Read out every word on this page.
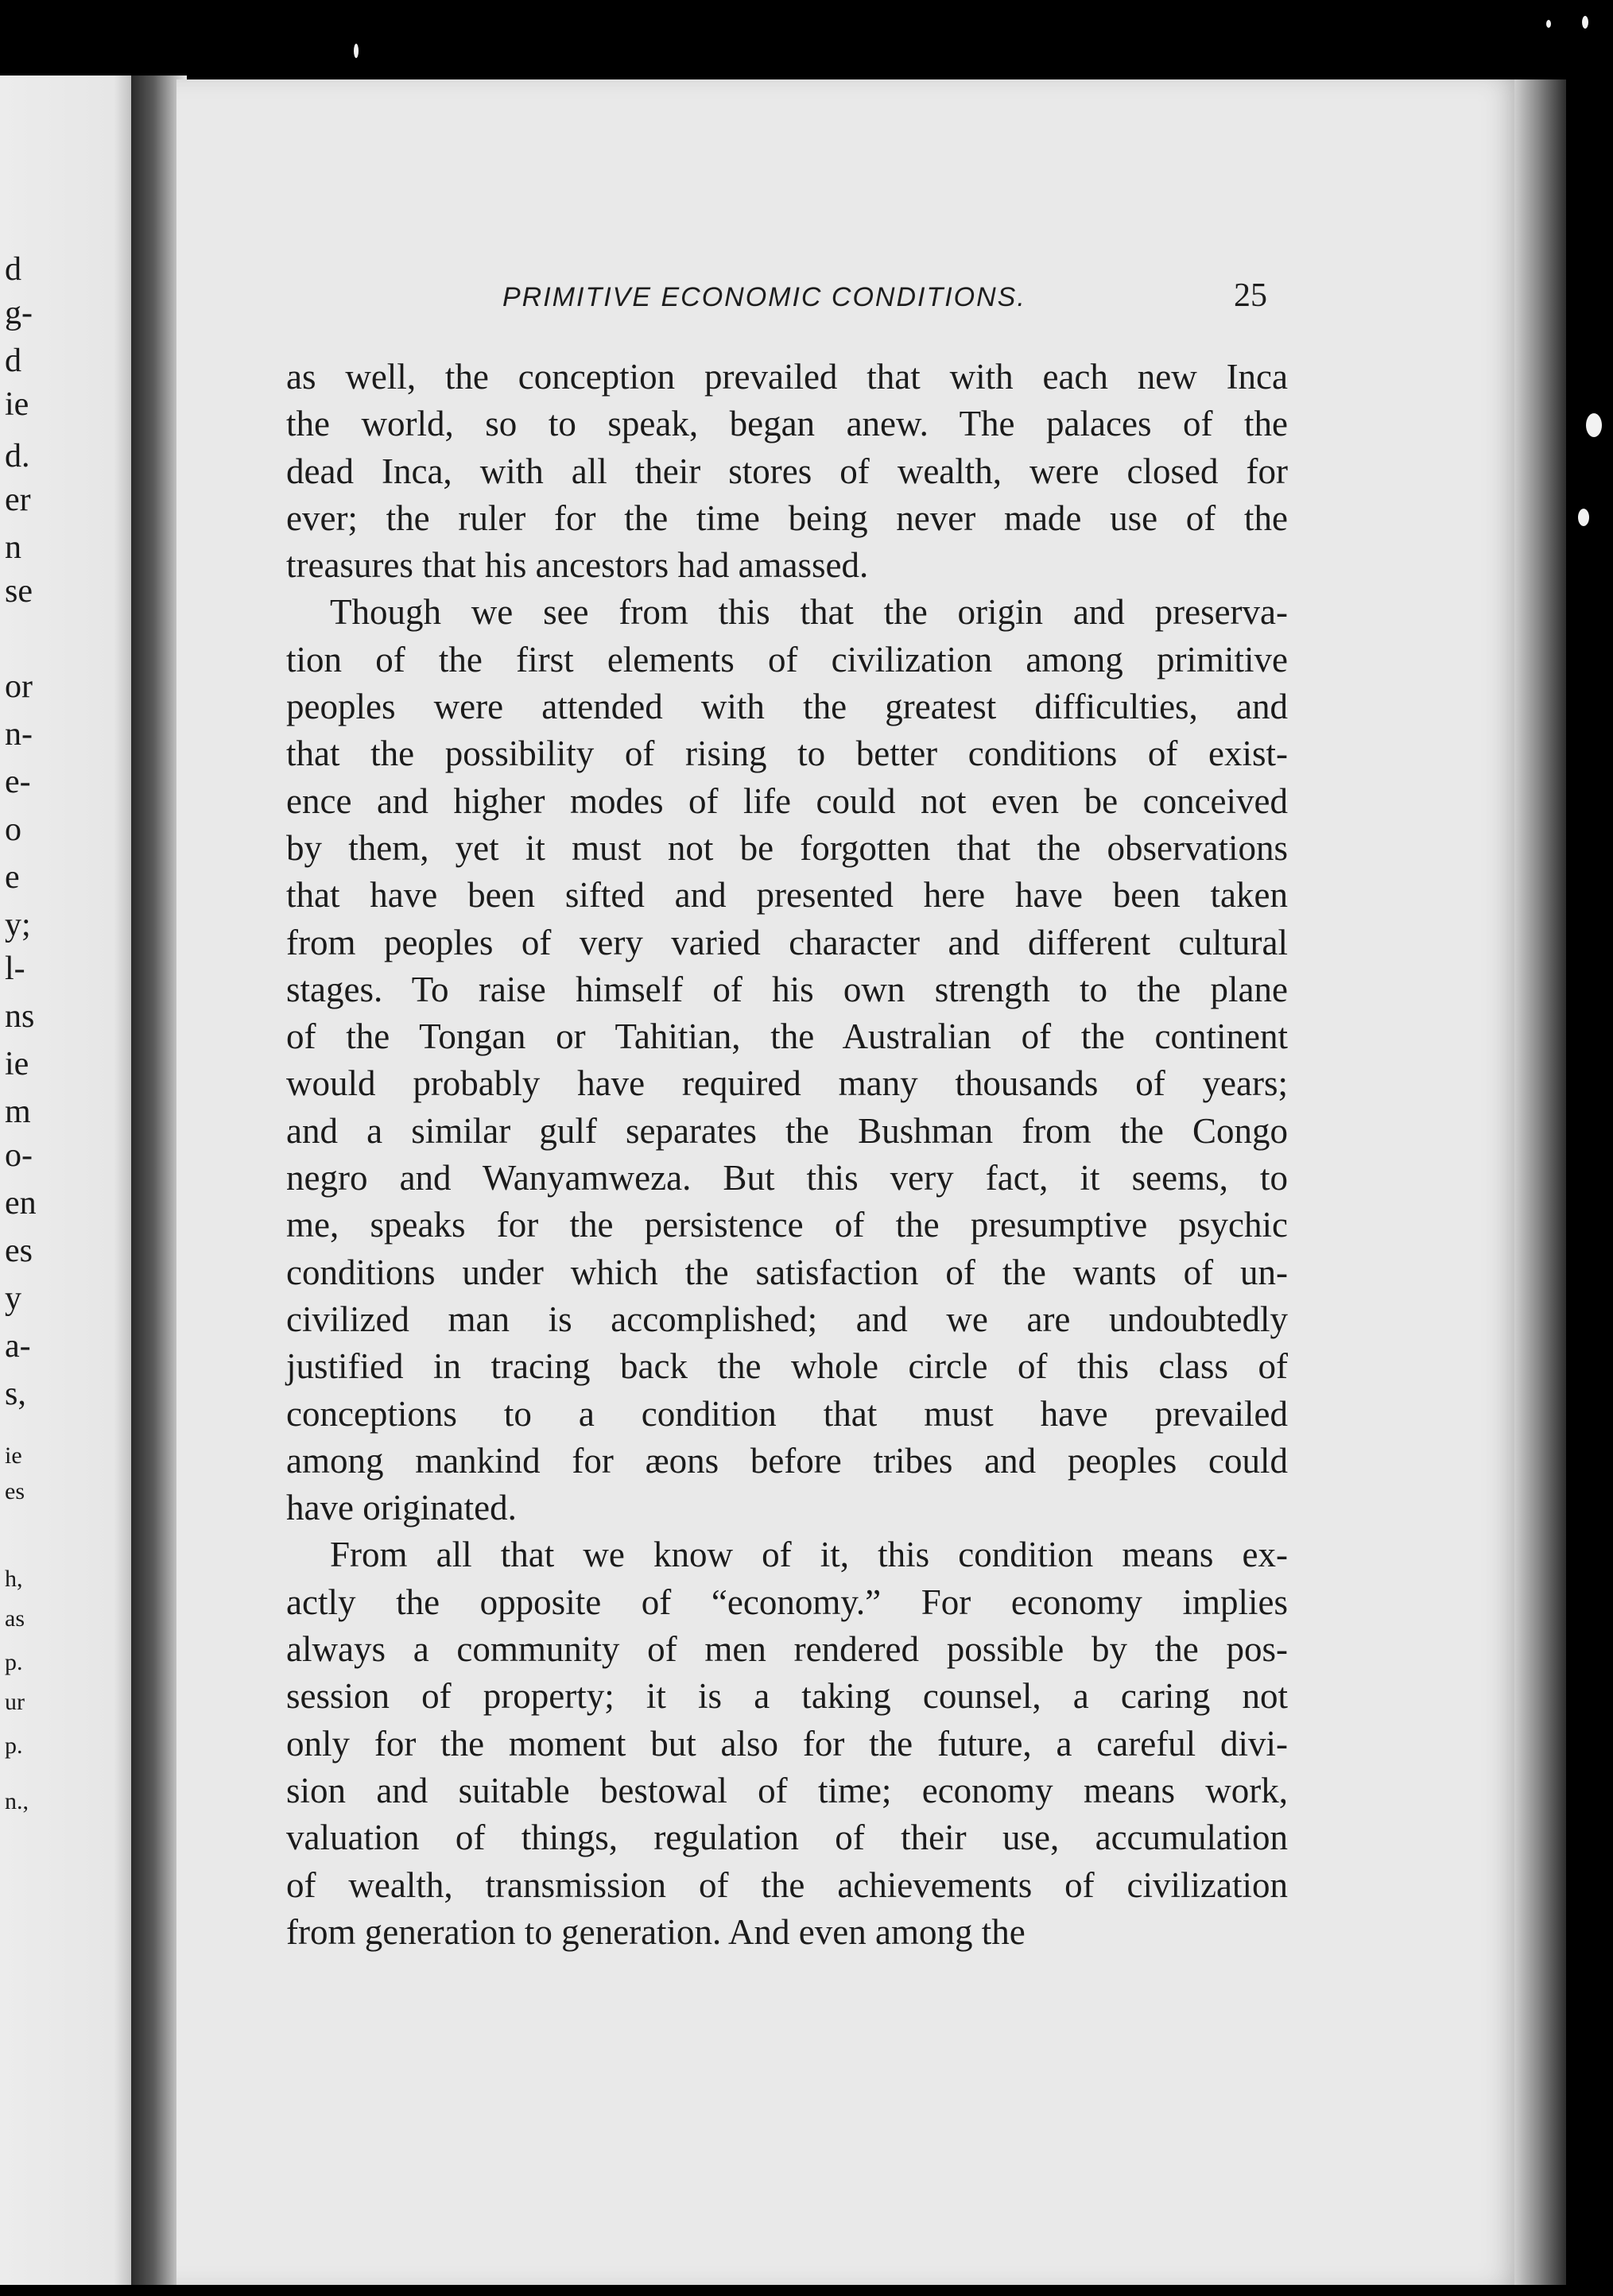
d
g-
d
ie
d.
er
n
se
or
n-
e-
o
e
y;
l-
ns
ie
m
o-
en
es
y
a-
s,
ie
es
h,
as
p.
ur
p.
n.,
PRIMITIVE ECONOMIC CONDITIONS.	25

as well, the conception prevailed that with each new Inca
the world, so to speak, began anew. The palaces of the
dead Inca, with all their stores of wealth, were closed for
ever; the ruler for the time being never made use of the
treasures that his ancestors had amassed.

Though we see from this that the origin and preserva-
tion of the first elements of civilization among primitive
peoples were attended with the greatest difficulties, and
that the possibility of rising to better conditions of exist-
ence and higher modes of life could not even be conceived
by them, yet it must not be forgotten that the observations
that have been sifted and presented here have been taken
from peoples of very varied character and different cultural
stages. To raise himself of his own strength to the plane
of the Tongan or Tahitian, the Australian of the continent
would probably have required many thousands of years;
and a similar gulf separates the Bushman from the Congo
negro and Wanyamweza. But this very fact, it seems, to
me, speaks for the persistence of the presumptive psychic
conditions under which the satisfaction of the wants of un-
civilized man is accomplished; and we are undoubtedly
justified in tracing back the whole circle of this class of
conceptions to a condition that must have prevailed
among mankind for æons before tribes and peoples could
have originated.

From all that we know of it, this condition means ex-
actly the opposite of “economy.” For economy implies
always a community of men rendered possible by the pos-
session of property; it is a taking counsel, a caring not
only for the moment but also for the future, a careful divi-
sion and suitable bestowal of time; economy means work,
valuation of things, regulation of their use, accumulation
of wealth, transmission of the achievements of civilization
from generation to generation. And even among the
